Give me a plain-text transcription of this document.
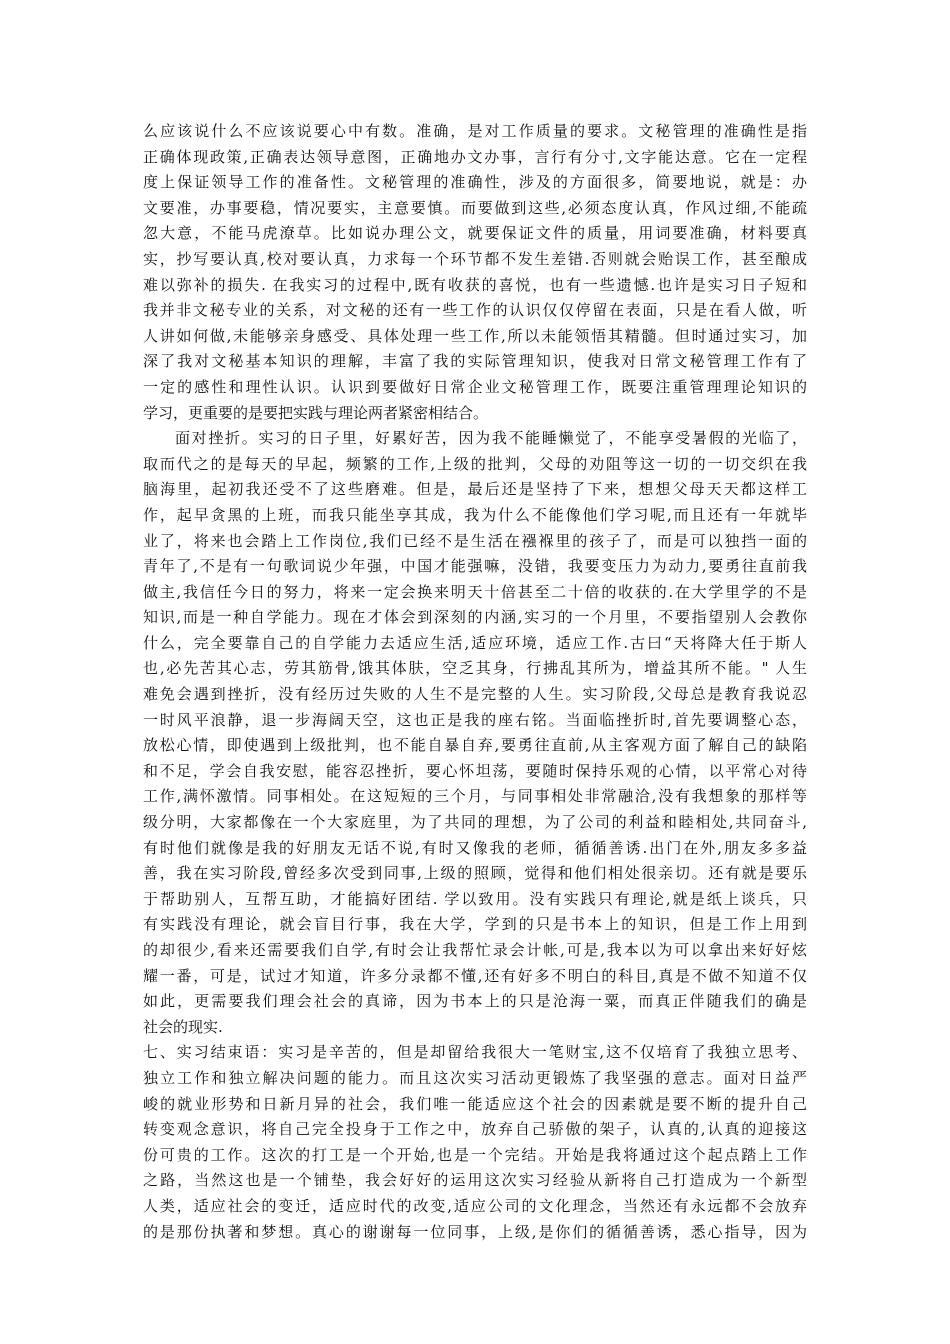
么应该说什么不应该说要心中有数。准确，是对工作质量的要求。文秘管理的准确性是指
正确体现政策,正确表达领导意图，正确地办文办事，言行有分寸,文字能达意。它在一定程
度上保证领导工作的准备性。文秘管理的准确性，涉及的方面很多，简要地说，就是：办
文要准，办事要稳，情况要实，主意要慎。而要做到这些,必须态度认真，作风过细,不能疏
忽大意，不能马虎潦草。比如说办理公文，就要保证文件的质量，用词要准确，材料要真
实，抄写要认真,校对要认真，力求每一个环节都不发生差错.否则就会贻误工作，甚至酿成
难以弥补的损失. 在我实习的过程中,既有收获的喜悦，也有一些遗憾.也许是实习日子短和
我并非文秘专业的关系，对文秘的还有一些工作的认识仅仅停留在表面，只是在看人做，听
人讲如何做,未能够亲身感受、具体处理一些工作,所以未能领悟其精髓。但时通过实习，加
深了我对文秘基本知识的理解，丰富了我的实际管理知识，使我对日常文秘管理工作有了
一定的感性和理性认识。认识到要做好日常企业文秘管理工作，既要注重管理理论知识的
学习，更重要的是要把实践与理论两者紧密相结合。
面对挫折。实习的日子里，好累好苦，因为我不能睡懒觉了，不能享受暑假的光临了，
取而代之的是每天的早起，频繁的工作,上级的批判，父母的劝阻等这一切的一切交织在我
脑海里，起初我还受不了这些磨难。但是，最后还是坚持了下来，想想父母天天都这样工
作，起早贪黑的上班，而我只能坐享其成，我为什么不能像他们学习呢,而且还有一年就毕
业了，将来也会踏上工作岗位,我们已经不是生活在襁褓里的孩子了，而是可以独挡一面的
青年了,不是有一句歌词说少年强，中国才能强嘛，没错，我要变压力为动力,要勇往直前我
做主,我信任今日的努力，将来一定会换来明天十倍甚至二十倍的收获的.在大学里学的不是
知识,而是一种自学能力。现在才体会到深刻的内涵,实习的一个月里，不要指望别人会教你
什么，完全要靠自己的自学能力去适应生活,适应环境，适应工作.古曰“天将降大任于斯人
也,必先苦其心志，劳其筋骨,饿其体肤，空乏其身，行拂乱其所为，增益其所不能。" 人生
难免会遇到挫折，没有经历过失败的人生不是完整的人生。实习阶段,父母总是教育我说忍
一时风平浪静，退一步海阔天空，这也正是我的座右铭。当面临挫折时,首先要调整心态，
放松心情，即使遇到上级批判，也不能自暴自弃,要勇往直前,从主客观方面了解自己的缺陷
和不足，学会自我安慰，能容忍挫折，要心怀坦荡，要随时保持乐观的心情，以平常心对待
工作,满怀激情。同事相处。在这短短的三个月，与同事相处非常融洽,没有我想象的那样等
级分明，大家都像在一个大家庭里，为了共同的理想，为了公司的利益和睦相处,共同奋斗,
有时他们就像是我的好朋友无话不说,有时又像我的老师，循循善诱.出门在外,朋友多多益
善，我在实习阶段,曾经多次受到同事,上级的照顾，觉得和他们相处很亲切。还有就是要乐
于帮助别人，互帮互助，才能搞好团结. 学以致用。没有实践只有理论,就是纸上谈兵，只
有实践没有理论，就会盲目行事，我在大学，学到的只是书本上的知识，但是工作上用到
的却很少,看来还需要我们自学,有时会让我帮忙录会计帐,可是,我本以为可以拿出来好好炫
耀一番，可是，试过才知道，许多分录都不懂,还有好多不明白的科目,真是不做不知道不仅
如此，更需要我们理会社会的真谛，因为书本上的只是沧海一粟，而真正伴随我们的确是
社会的现实.
七、实习结束语：实习是辛苦的，但是却留给我很大一笔财宝,这不仅培育了我独立思考、
独立工作和独立解决问题的能力。而且这次实习活动更锻炼了我坚强的意志。面对日益严
峻的就业形势和日新月异的社会，我们唯一能适应这个社会的因素就是要不断的提升自己
转变观念意识，将自己完全投身于工作之中，放弃自己骄傲的架子，认真的,认真的迎接这
份可贵的工作。这次的打工是一个开始,也是一个完结。开始是我将通过这个起点踏上工作
之路，当然这也是一个铺垫，我会好好的运用这次实习经验从新将自己打造成为一个新型
人类，适应社会的变迁，适应时代的改变,适应公司的文化理念，当然还有永远都不会放弃
的是那份执著和梦想。真心的谢谢每一位同事，上级,是你们的循循善诱，悉心指导，因为
